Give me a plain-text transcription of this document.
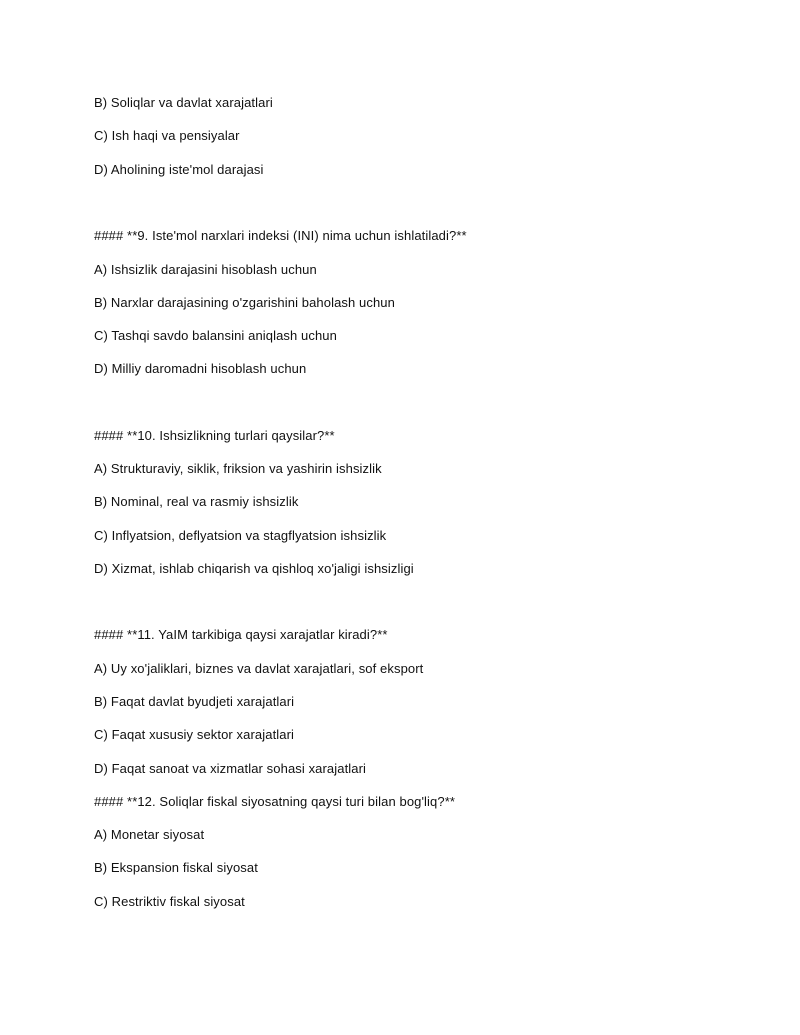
B) Soliqlar va davlat xarajatlari
C) Ish haqi va pensiyalar
D) Aholining iste'mol darajasi
#### **9. Iste'mol narxlari indeksi (INI) nima uchun ishlatiladi?**
A) Ishsizlik darajasini hisoblash uchun
B) Narxlar darajasining o'zgarishini baholash uchun
C) Tashqi savdo balansini aniqlash uchun
D) Milliy daromadni hisoblash uchun
#### **10. Ishsizlikning turlari qaysilar?**
A) Strukturaviy, siklik, friksion va yashirin ishsizlik
B) Nominal, real va rasmiy ishsizlik
C) Inflyatsion, deflyatsion va stagflyatsion ishsizlik
D) Xizmat, ishlab chiqarish va qishloq xo'jaligi ishsizligi
#### **11. YaIM tarkibiga qaysi xarajatlar kiradi?**
A) Uy xo'jaliklari, biznes va davlat xarajatlari, sof eksport
B) Faqat davlat byudjeti xarajatlari
C) Faqat xususiy sektor xarajatlari
D) Faqat sanoat va xizmatlar sohasi xarajatlari
#### **12. Soliqlar fiskal siyosatning qaysi turi bilan bog'liq?**
A) Monetar siyosat
B) Ekspansion fiskal siyosat
C) Restriktiv fiskal siyosat
